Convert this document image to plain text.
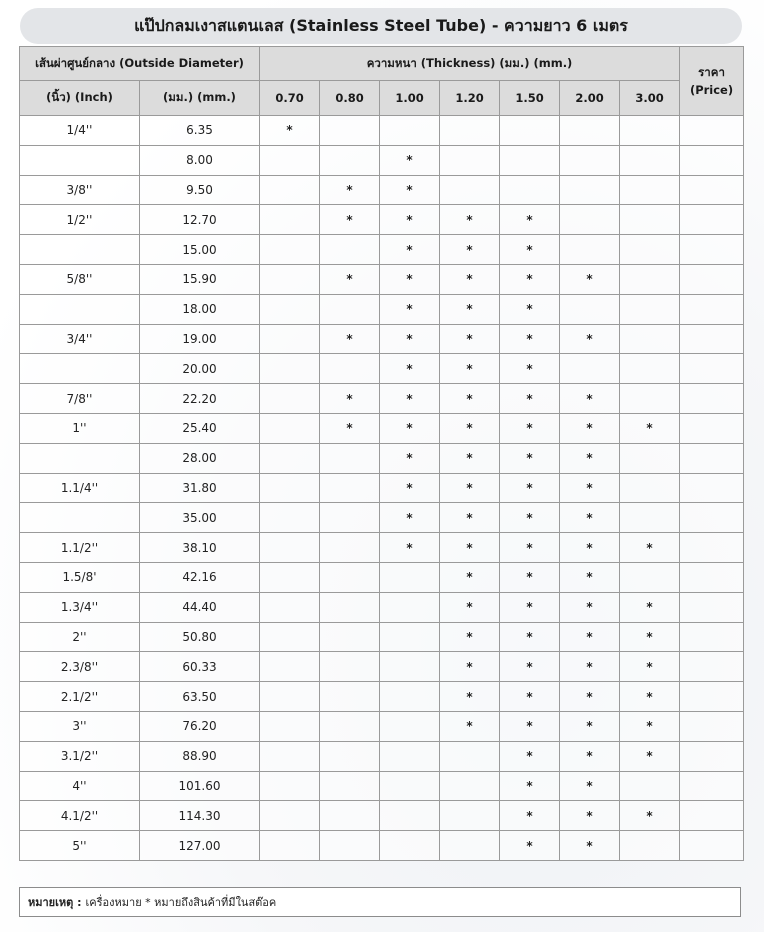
แป๊ปกลมเงาสแตนเลส (Stainless Steel Tube) - ความยาว 6 เมตร
เส้นผ่าศูนย์กลาง (Outside Diameter)		ความหนา (Thickness) (มม.) (mm.)							ราคา (Price)
(นิ้ว) (Inch)	(มม.) (mm.)	0.70	0.80	1.00	1.20	1.50	2.00	3.00	
1/4''	6.35	*							
	8.00			*					
3/8''	9.50		*	*					
1/2''	12.70		*	*	*	*			
	15.00			*	*	*			
5/8''	15.90		*	*	*	*	*		
	18.00			*	*	*			
3/4''	19.00		*	*	*	*	*		
	20.00			*	*	*			
7/8''	22.20		*	*	*	*	*		
1''	25.40		*	*	*	*	*	*	
	28.00			*	*	*	*		
1.1/4''	31.80			*	*	*	*		
	35.00			*	*	*	*		
1.1/2''	38.10			*	*	*	*	*	
1.5/8'	42.16				*	*	*		
1.3/4''	44.40				*	*	*	*	
2''	50.80				*	*	*	*	
2.3/8''	60.33				*	*	*	*	
2.1/2''	63.50				*	*	*	*	
3''	76.20				*	*	*	*	
3.1/2''	88.90					*	*	*	
4''	101.60					*	*		
4.1/2''	114.30					*	*	*	
5''	127.00					*	*		
หมายเหตุ : เครื่องหมาย * หมายถึงสินค้าที่มีในสต๊อค
